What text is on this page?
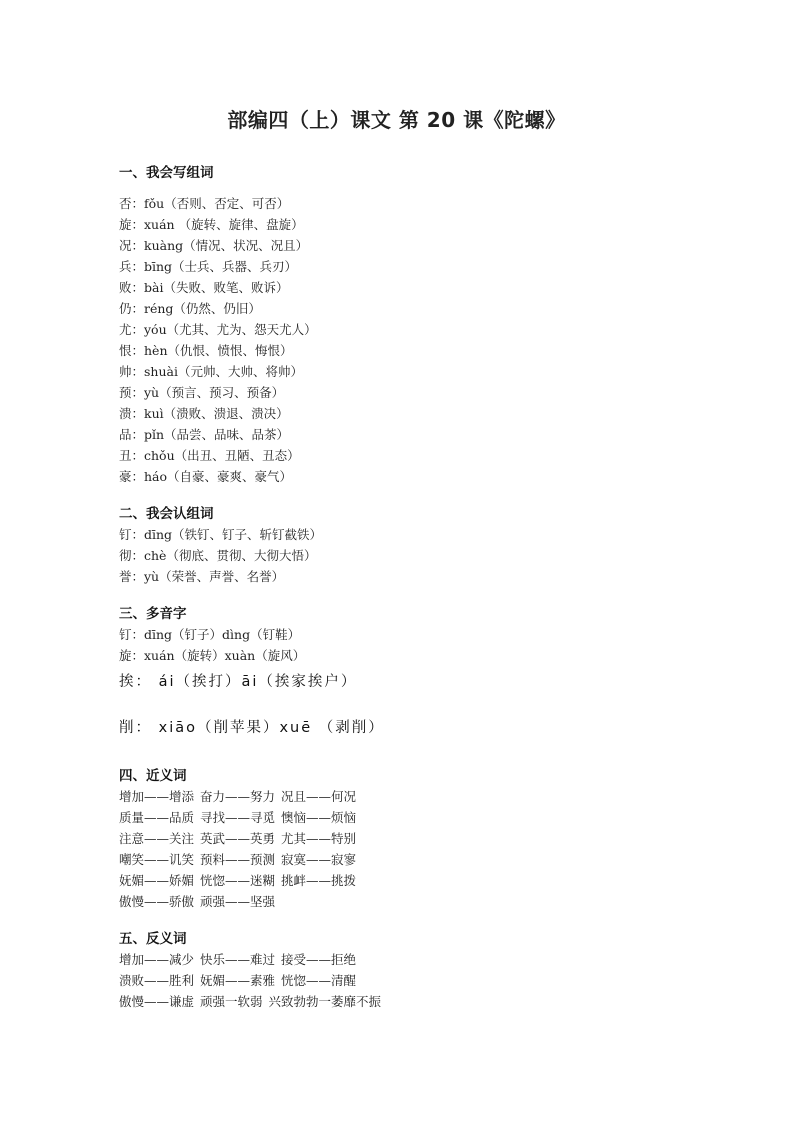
部编四（上）课文 第 20 课《陀螺》
一、我会写组词
否：fǒu（否则、否定、可否）
旋：xuán （旋转、旋律、盘旋）
况：kuàng（情况、状况、况且）
兵：bīng（士兵、兵器、兵刃）
败：bài（失败、败笔、败诉）
仍：réng（仍然、仍旧）
尤：yóu（尤其、尤为、怨天尤人）
恨：hèn（仇恨、愤恨、悔恨）
帅：shuài（元帅、大帅、将帅）
预：yù（预言、预习、预备）
溃：kuì（溃败、溃退、溃决）
品：pǐn（品尝、品味、品茶）
丑：chǒu（出丑、丑陋、丑态）
豪：háo（自豪、豪爽、豪气）
二、我会认组词
钉：dīng（铁钉、钉子、斩钉截铁）
彻：chè（彻底、贯彻、大彻大悟）
誉：yù（荣誉、声誉、名誉）
三、多音字
钉：dīng（钉子）dìng（钉鞋）
旋：xuán（旋转）xuàn（旋风）
挨： ái（挨打）āi（挨家挨户）
削： xiāo（削苹果）xuē （剥削）
四、近义词
增加——增添 奋力——努力 况且——何况
质量——品质 寻找——寻觅 懊恼——烦恼
注意——关注 英武——英勇 尤其——特别
嘲笑——讥笑 预料——预测 寂寞——寂寥
妩媚——娇媚 恍惚——迷糊 挑衅——挑拨
傲慢——骄傲 顽强——坚强
五、反义词
增加——减少 快乐——难过 接受——拒绝
溃败——胜利 妩媚——素雅 恍惚——清醒
傲慢——谦虚 顽强一软弱 兴致勃勃一萎靡不振
